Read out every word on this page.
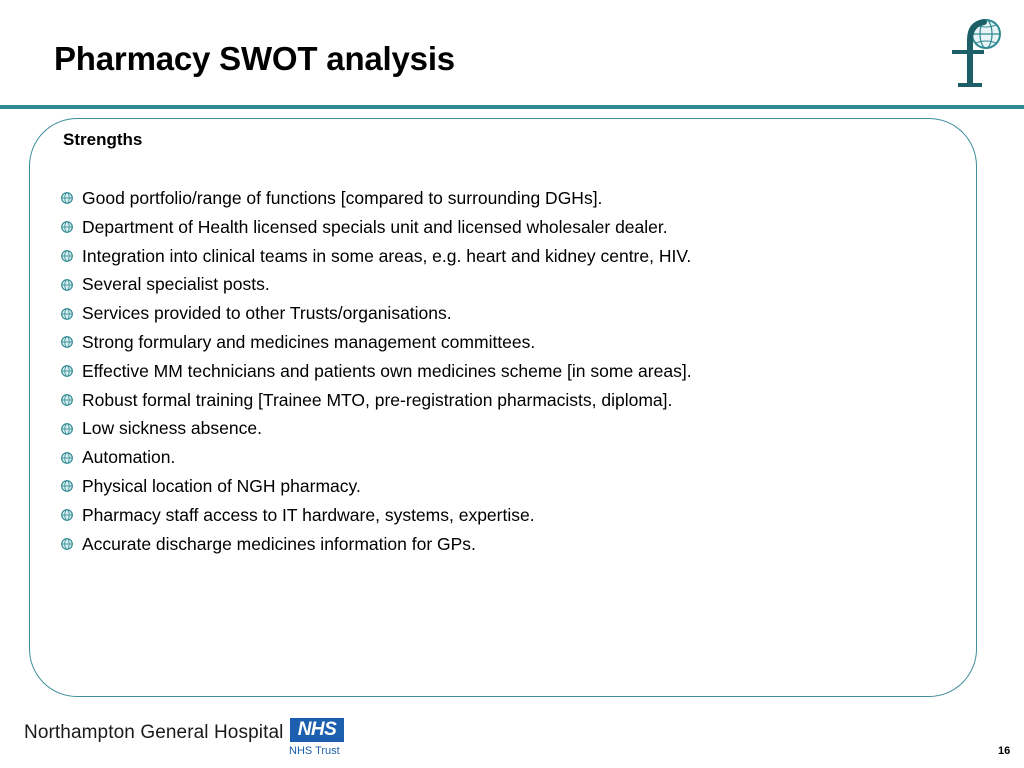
Pharmacy SWOT analysis
Strengths
Good portfolio/range of functions [compared to surrounding DGHs].
Department of Health licensed specials unit and licensed wholesaler dealer.
Integration into clinical teams in some areas, e.g. heart and kidney centre, HIV.
Several specialist posts.
Services provided to other Trusts/organisations.
Strong formulary and medicines management committees.
Effective MM technicians and patients own medicines scheme [in some areas].
Robust formal training [Trainee MTO, pre-registration pharmacists, diploma].
Low sickness absence.
Automation.
Physical location of NGH pharmacy.
Pharmacy staff access to IT hardware, systems, expertise.
Accurate discharge medicines information for GPs.
Northampton General Hospital NHS
NHS Trust	16
